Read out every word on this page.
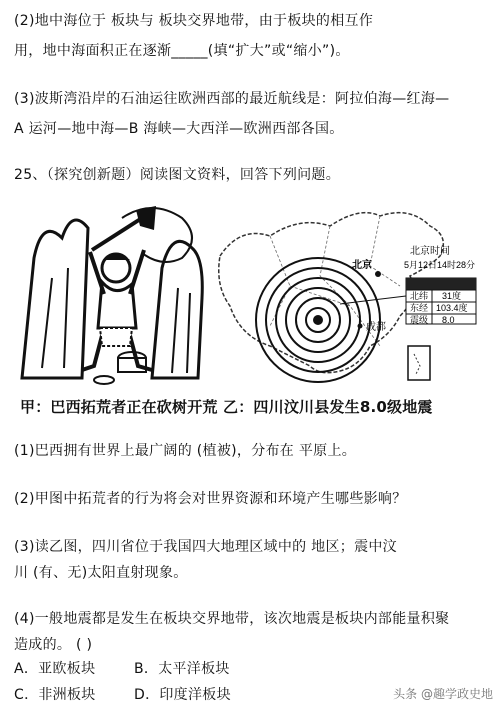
(2)地中海位于 板块与 板块交界地带，由于板块的相互作
用，地中海面积正在逐渐_____(填“扩大”或“缩小”)。
(3)波斯湾沿岸的石油运往欧洲西部的最近航线是：阿拉伯海—红海—
A 运河—地中海—B 海峡—大西洋—欧洲西部各国。
25、（探究创新题）阅读图文资料，回答下列问题。
北京
成都
北京时间
5月12日14时28分
北纬 31度
东经 103.4度
震级 8.0
甲：巴西拓荒者正在砍树开荒 乙：四川汶川县发生8.0级地震
(1)巴西拥有世界上最广阔的 (植被)，分布在 平原上。
(2)甲图中拓荒者的行为将会对世界资源和环境产生哪些影响？
(3)读乙图，四川省位于我国四大地理区域中的 地区；震中汶
川 (有、无)太阳直射现象。
(4)一般地震都是发生在板块交界地带，该次地震是板块内部能量积聚
造成的。 ( )
A．亚欧板块	B．太平洋板块
C．非洲板块	D．印度洋板块	头条 @趣学政史地
